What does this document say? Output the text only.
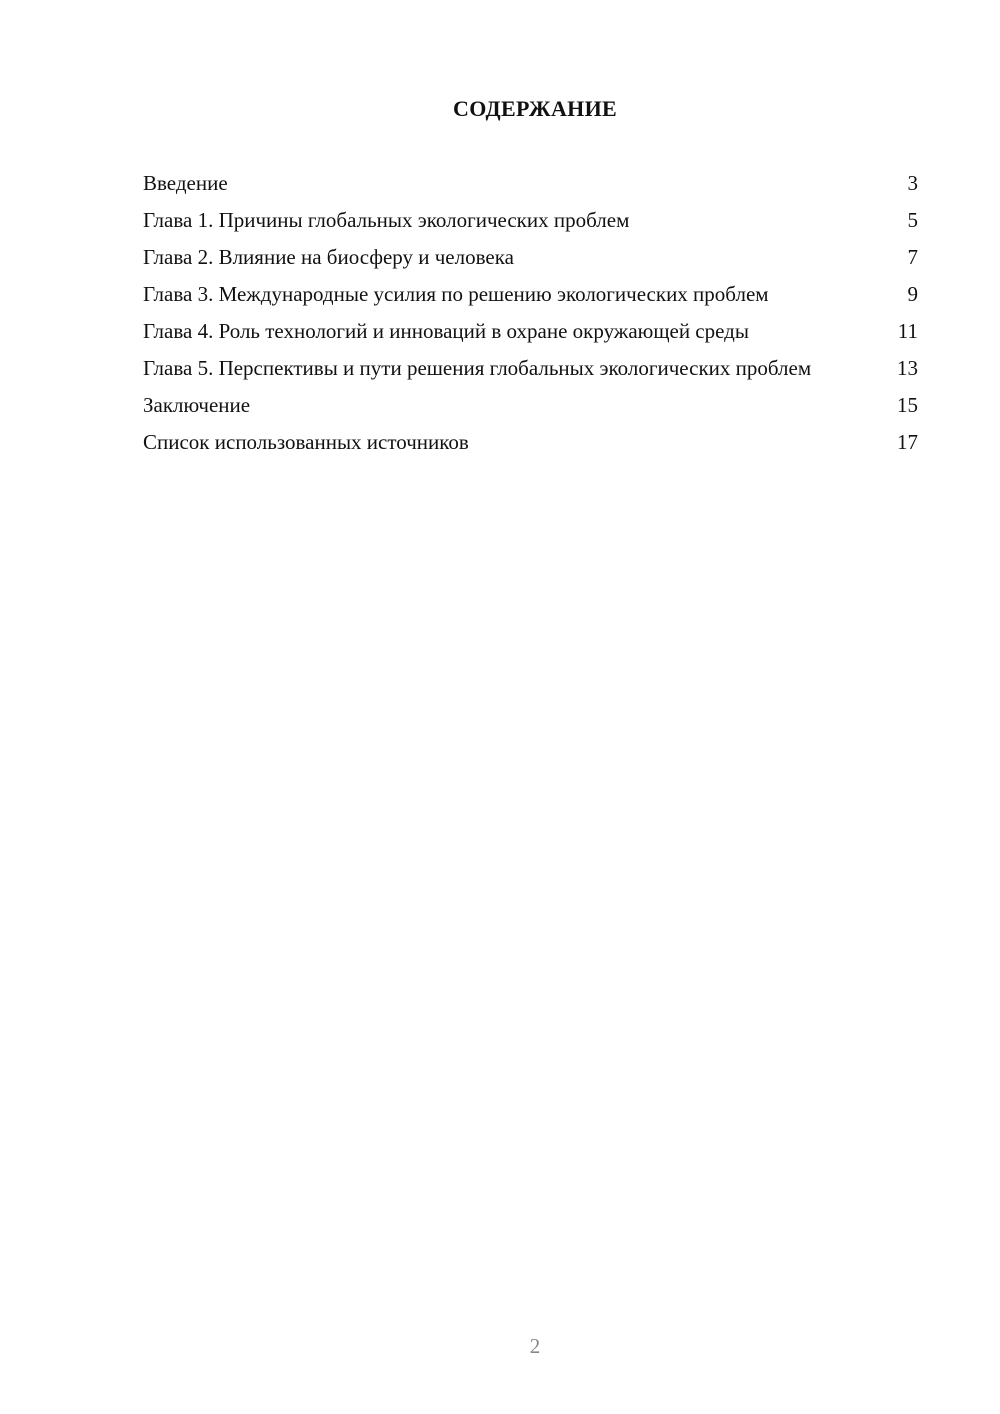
СОДЕРЖАНИЕ
Введение	3
Глава 1. Причины глобальных экологических проблем	5
Глава 2. Влияние на биосферу и человека	7
Глава 3. Международные усилия по решению экологических проблем	9
Глава 4. Роль технологий и инноваций в охране окружающей среды	11
Глава 5. Перспективы и пути решения глобальных экологических проблем	13
Заключение	15
Список использованных источников	17
2
